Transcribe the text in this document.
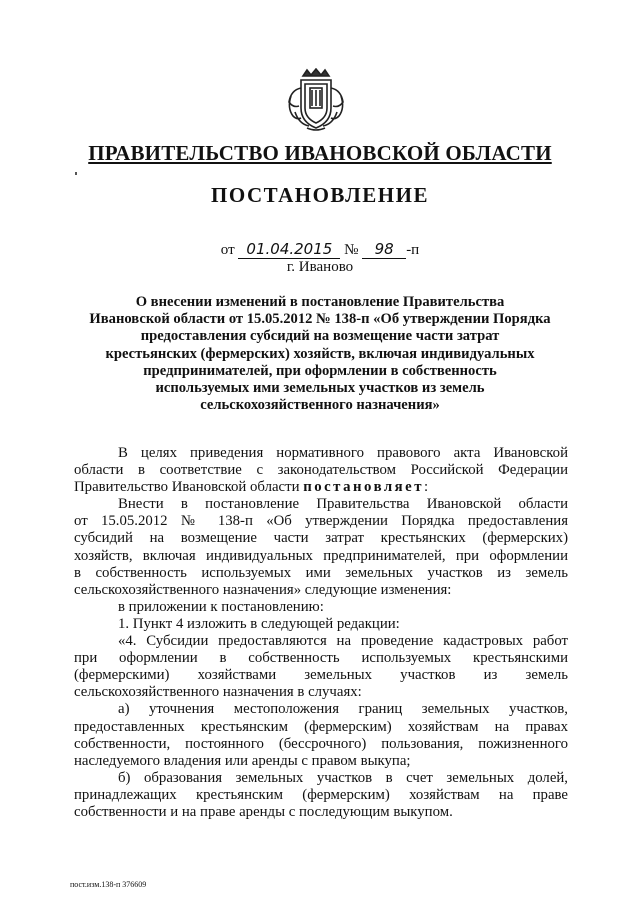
ПРАВИТЕЛЬСТВО ИВАНОВСКОЙ ОБЛАСТИ
ПОСТАНОВЛЕНИЕ
от 01.04.2015 № 98 -п
г. Иваново
О внесении изменений в постановление Правительства
Ивановской области от 15.05.2012 № 138-п «Об утверждении Порядка
предоставления субсидий на возмещение части затрат
крестьянских (фермерских) хозяйств, включая индивидуальных
предпринимателей, при оформлении в собственность
используемых ими земельных участков из земель
сельскохозяйственного назначения»
В целях приведения нормативного правового акта Ивановской
области в соответствие с законодательством Российской Федерации
Правительство Ивановской области постановляет:
Внести в постановление Правительства Ивановской области
от 15.05.2012 № 138-п «Об утверждении Порядка предоставления
субсидий на возмещение части затрат крестьянских (фермерских)
хозяйств, включая индивидуальных предпринимателей, при оформлении
в собственность используемых ими земельных участков из земель
сельскохозяйственного назначения» следующие изменения:
в приложении к постановлению:
1. Пункт 4 изложить в следующей редакции:
«4. Субсидии предоставляются на проведение кадастровых работ
при оформлении в собственность используемых крестьянскими
(фермерскими) хозяйствами земельных участков из земель
сельскохозяйственного назначения в случаях:
а) уточнения местоположения границ земельных участков,
предоставленных крестьянским (фермерским) хозяйствам на правах
собственности, постоянного (бессрочного) пользования, пожизненного
наследуемого владения или аренды с правом выкупа;
б) образования земельных участков в счет земельных долей,
принадлежащих крестьянским (фермерским) хозяйствам на праве
собственности и на праве аренды с последующим выкупом.
пост.изм.138-п 376609
